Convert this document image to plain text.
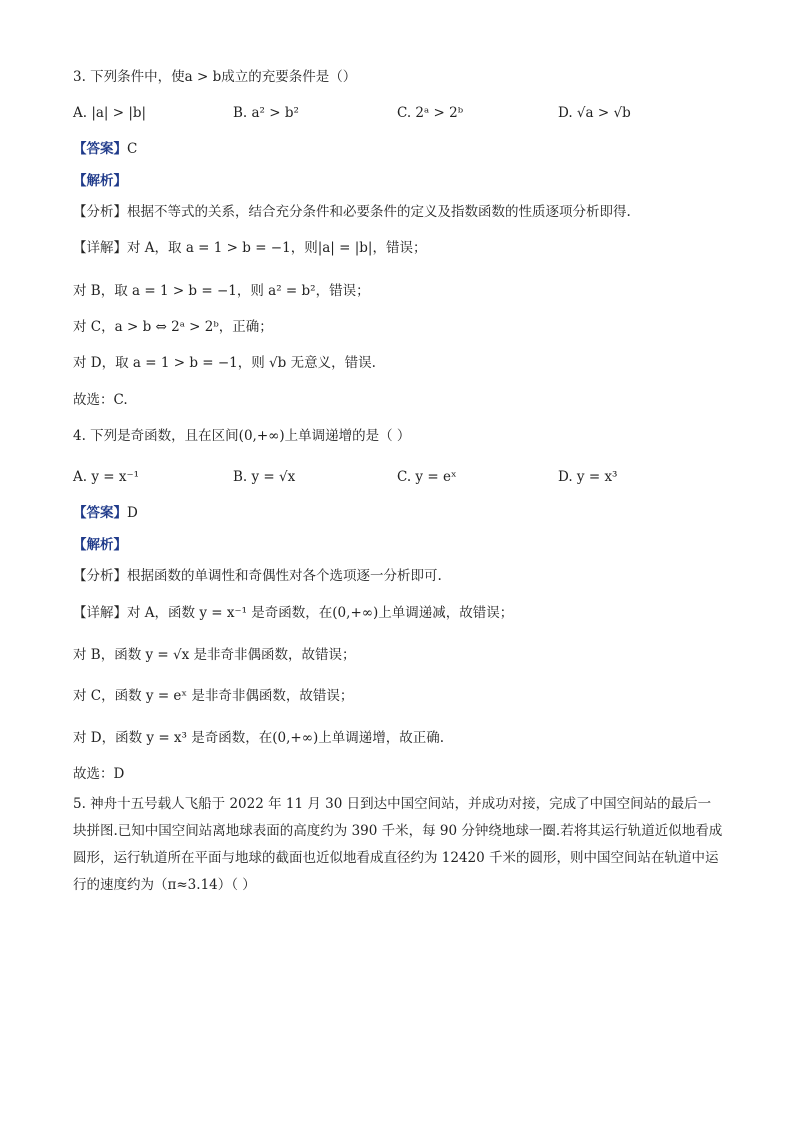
3. 下列条件中，使a > b成立的充要条件是（）
A. |a| > |b|	B. a² > b²	C. 2ᵃ > 2ᵇ	D. √a > √b
【答案】C
【解析】
【分析】根据不等式的关系，结合充分条件和必要条件的定义及指数函数的性质逐项分析即得.
【详解】对 A，取 a = 1 > b = −1，则|a| = |b|，错误；
对 B，取 a = 1 > b = −1，则 a² = b²，错误；
对 C，a > b ⇔ 2ᵃ > 2ᵇ，正确；
对 D，取 a = 1 > b = −1，则 √b 无意义，错误.
故选：C.
4. 下列是奇函数，且在区间(0,+∞)上单调递增的是（ ）
A. y = x⁻¹	B. y = √x	C. y = eˣ	D. y = x³
【答案】D
【解析】
【分析】根据函数的单调性和奇偶性对各个选项逐一分析即可.
【详解】对 A，函数 y = x⁻¹ 是奇函数，在(0,+∞)上单调递减，故错误；
对 B，函数 y = √x 是非奇非偶函数，故错误；
对 C，函数 y = eˣ 是非奇非偶函数，故错误；
对 D，函数 y = x³ 是奇函数，在(0,+∞)上单调递增，故正确.
故选：D
5. 神舟十五号载人飞船于 2022 年 11 月 30 日到达中国空间站，并成功对接，完成了中国空间站的最后一块拼图.已知中国空间站离地球表面的高度约为 390 千米，每 90 分钟绕地球一圈.若将其运行轨道近似地看成圆形，运行轨道所在平面与地球的截面也近似地看成直径约为 12420 千米的圆形，则中国空间站在轨道中运行的速度约为（π≈3.14）（ ）
